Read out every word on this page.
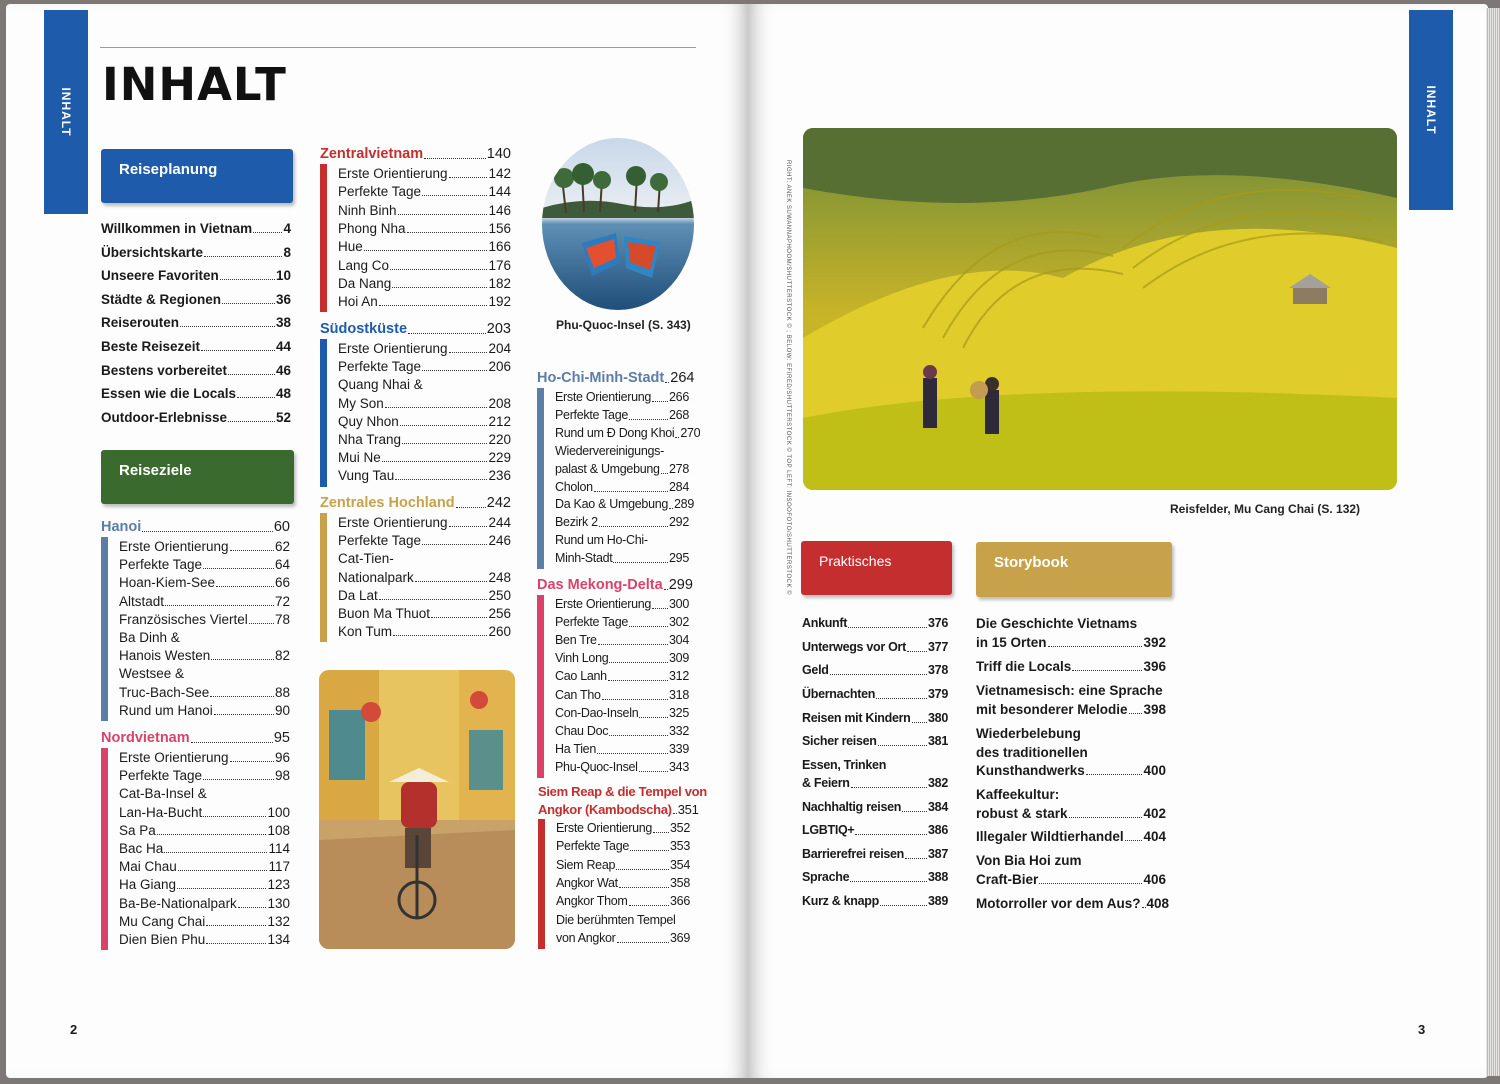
INHALT	INHALT
INHALT
Reiseplanung
Willkommen in Vietnam 4
Übersichtskarte	8
Unseere Favoriten	10
Städte & Regionen	36
Reiserouten	38
Beste Reisezeit	44
Bestens vorbereitet	46
Essen wie die Locals	48
Outdoor-Erlebnisse	52
Reiseziele
Hanoi	60
Erste Orientierung	62
Perfekte Tage	64
Hoan-Kiem-See	66
Altstadt	72
Französisches Viertel 78
Ba Dinh &
Hanois Westen	82
Westsee &
Truc-Bach-See	88
Rund um Hanoi	90
Nordvietnam	95
Erste Orientierung	96
Perfekte Tage	98
Cat-Ba-Insel &
Lan-Ha-Bucht	100
Sa Pa	108
Bac Ha	114
Mai Chau	117
Ha Giang	123
Ba-Be-Nationalpark 130
Mu Cang Chai	132
Dien Bien Phu	134
Zentralvietnam	140
Erste Orientierung	142
Perfekte Tage	144
Ninh Binh	146
Phong Nha	156
Hue	166
Lang Co	176
Da Nang	182
Hoi An	192
Südostküste	203
Erste Orientierung	204
Perfekte Tage	206
Quang Nhai &
My Son	208
Quy Nhon	212
Nha Trang	220
Mui Ne	229
Vung Tau	236
Zentrales Hochland 242
Erste Orientierung	244
Perfekte Tage	246
Cat-Tien-
Nationalpark	248
Da Lat	250
Buon Ma Thuot	256
Kon Tum	260
Phu-Quoc-Insel (S. 343)
Ho-Chi-Minh-Stadt 264
Erste Orientierung 266
Perfekte Tage	268
Rund um Đ Dong Khoi 270
Wiedervereinigungs-
palast & Umgebung 278
Cholon	284
Da Kao & Umgebung 289
Bezirk 2	292
Rund um Ho-Chi-
Minh-Stadt	295
Das Mekong-Delta 299
Erste Orientierung 300
Perfekte Tage	302
Ben Tre	304
Vinh Long	309
Cao Lanh	312
Can Tho	318
Con-Dao-Inseln 325
Chau Doc	332
Ha Tien	339
Phu-Quoc-Insel	343
Siem Reap & die Tempel von
Angkor (Kambodscha) 351
Erste Orientierung 352
Perfekte Tage	353
Siem Reap	354
Angkor Wat	358
Angkor Thom	366
Die berühmten Tempel
von Angkor	369
RIGHT: ANEK SUWANNAPHOOM/SHUTTERSTOCK © ; BELOW: EFIRED/SHUTTERSTOCK © TOP LEFT: INSOOFOTO/SHUTTERSTOCK ©	Reisfelder, Mu Cang Chai (S. 132)
Praktisches
Ankunft	376
Unterwegs vor Ort 377
Geld	378
Übernachten	379
Reisen mit Kindern 380
Sicher reisen	381
Essen, Trinken
& Feiern	382
Nachhaltig reisen 384
LGBTIQ+	386
Barrierefrei reisen 387
Sprache	388
Kurz & knapp	389
Storybook
Die Geschichte Vietnams
in 15 Orten	392
Triff die Locals	396
Vietnamesisch: eine Sprache
mit besonderer Melodie 398
Wiederbelebung
des traditionellen
Kunsthandwerks	400
Kaffeekultur:
robust & stark	402
Illegaler Wildtierhandel 404
Von Bia Hoi zum
Craft-Bier	406
Motorroller vor dem Aus? 408
2	3
